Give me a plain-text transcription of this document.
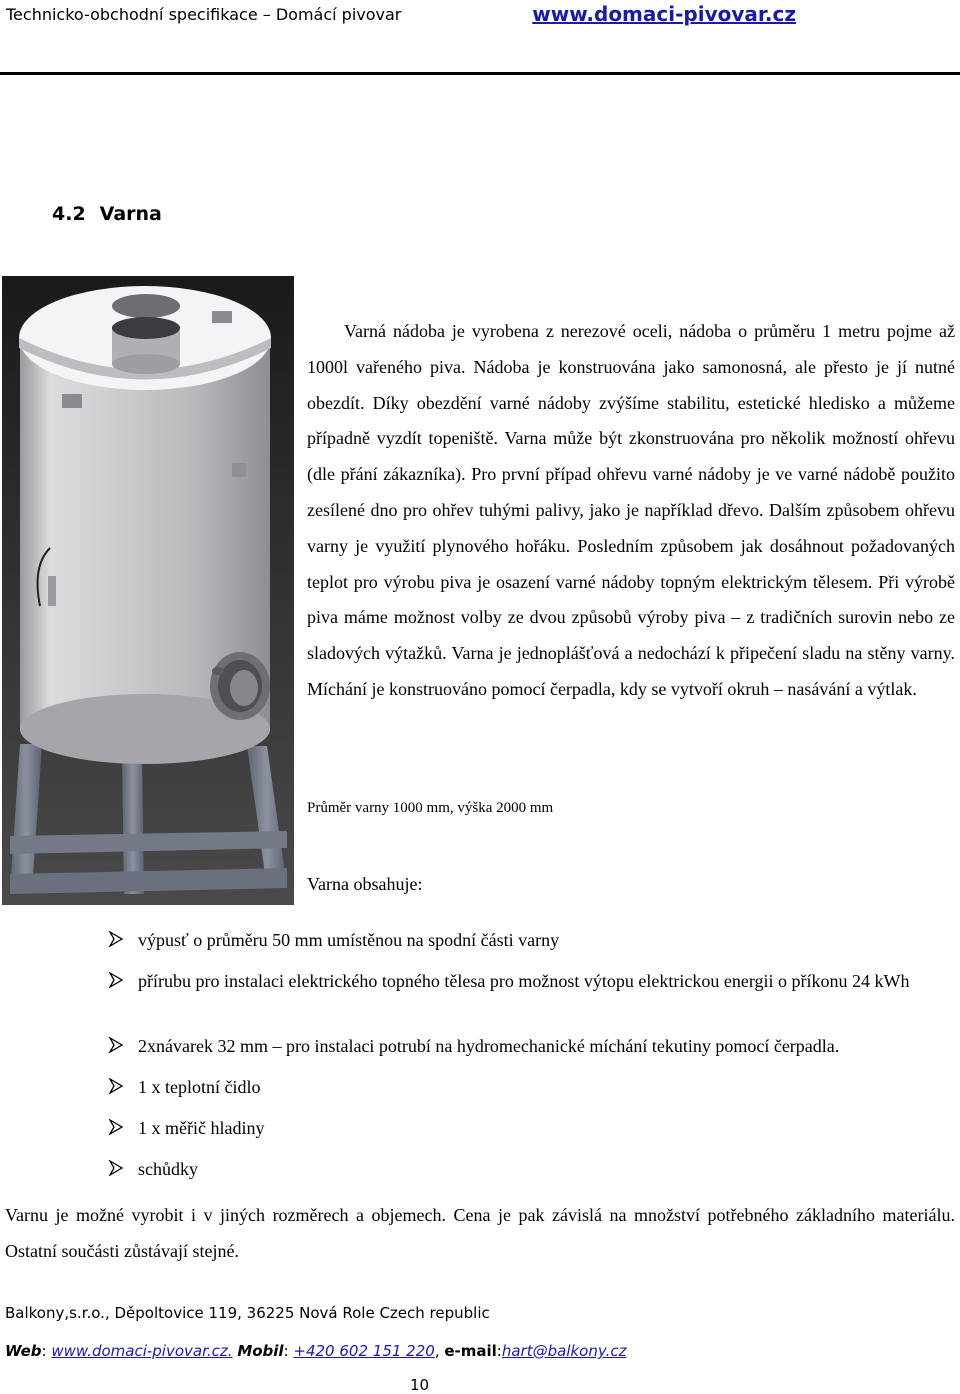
Technicko-obchodní specifikace – Domácí pivovar	www.domaci-pivovar.cz
4.2 Varna

Varná nádoba je vyrobena z nerezové oceli, nádoba o průměru 1 metru pojme až 1000l vařeného piva. Nádoba je konstruována jako samonosná, ale přesto je jí nutné obezdít. Díky obezdění varné nádoby zvýšíme stabilitu, estetické hledisko a můžeme případně vyzdít topeniště. Varna může být zkonstruována pro několik možností ohřevu (dle přání zákazníka). Pro první případ ohřevu varné nádoby je ve varné nádobě použito zesílené dno pro ohřev tuhými palivy, jako je například dřevo. Dalším způsobem ohřevu varny je využití plynového hořáku. Posledním způsobem jak dosáhnout požadovaných teplot pro výrobu piva je osazení varné nádoby topným elektrickým tělesem. Při výrobě piva máme možnost volby ze dvou způsobů výroby piva – z tradičních surovin nebo ze sladových výtažků. Varna je jednoplášťová a nedochází k připečení sladu na stěny varny. Míchání je konstruováno pomocí čerpadla, kdy se vytvoří okruh – nasávání a výtlak.

Průměr varny 1000 mm, výška 2000 mm
Varna obsahuje:
výpusť o průměru 50 mm umístěnou na spodní části varny
přírubu pro instalaci elektrického topného tělesa pro možnost výtopu elektrickou energii o příkonu 24 kWh
2xnávarek 32 mm – pro instalaci potrubí na hydromechanické míchání tekutiny pomocí čerpadla.
1 x teplotní čidlo
1 x měřič hladiny
schůdky
Varnu je možné vyrobit i v jiných rozměrech a objemech. Cena je pak závislá na množství potřebného základního materiálu. Ostatní součásti zůstávají stejné.
Balkony,s.r.o., Děpoltovice 119, 36225 Nová Role Czech republic
Web: www.domaci-pivovar.cz. Mobil: +420 602 151 220, e-mail:hart@balkony.cz
10
